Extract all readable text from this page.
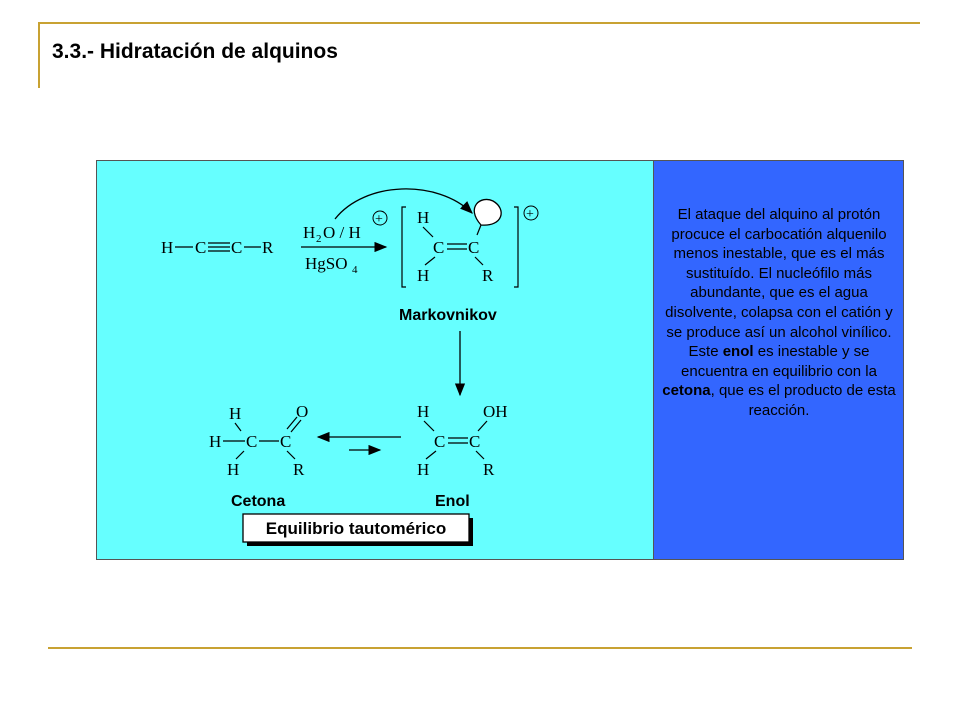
3.3.- Hidratación de alquinos
H C C R
H 2 O / H
+
HgSO 4
+
H
C C
H	R
Markovnikov
H
C C
OH
H	R
H
H C C
O
H	R
Cetona	Enol
Equilibrio tautomérico
El ataque del alquino al protón procuce el carbocatión alquenilo menos inestable, que es el más sustituído. El nucleófilo más abundante, que es el agua disolvente, colapsa con el catión y se produce así un alcohol vinílico. Este enol es inestable y se encuentra en equilibrio con la cetona, que es el producto de esta reacción.
